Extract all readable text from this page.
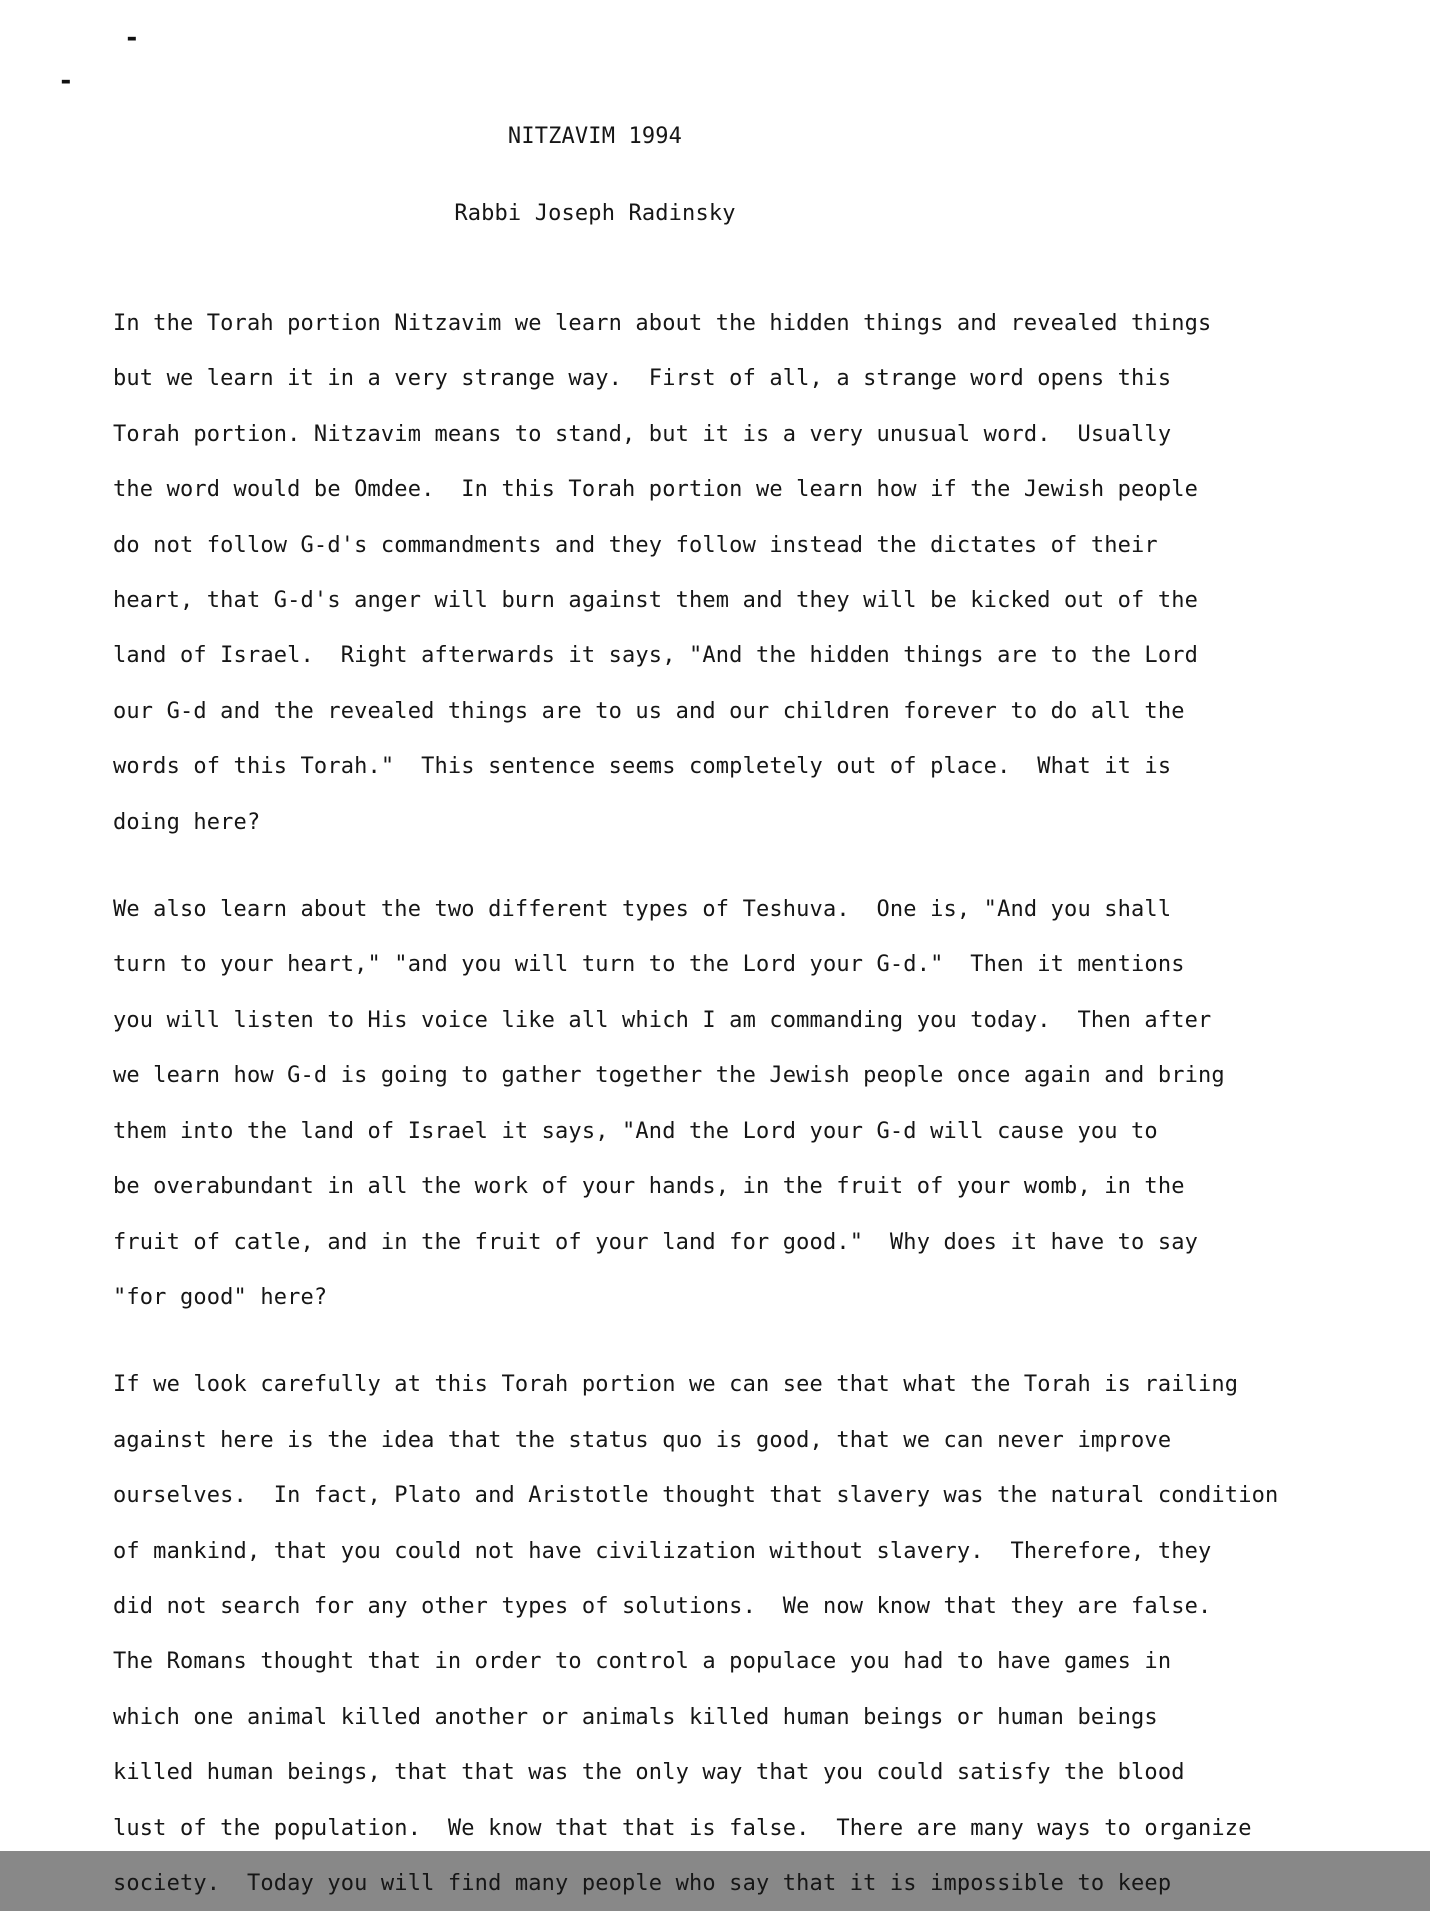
-
-

NITZAVIM 1994

Rabbi Joseph Radinsky

In the Torah portion Nitzavim we learn about the hidden things and revealed things
but we learn it in a very strange way.  First of all, a strange word opens this
Torah portion. Nitzavim means to stand, but it is a very unusual word.  Usually
the word would be Omdee.  In this Torah portion we learn how if the Jewish people
do not follow G-d's commandments and they follow instead the dictates of their
heart, that G-d's anger will burn against them and they will be kicked out of the
land of Israel.  Right afterwards it says, "And the hidden things are to the Lord
our G-d and the revealed things are to us and our children forever to do all the
words of this Torah."  This sentence seems completely out of place.  What it is
doing here?
We also learn about the two different types of Teshuva.  One is, "And you shall
turn to your heart," "and you will turn to the Lord your G-d."  Then it mentions
you will listen to His voice like all which I am commanding you today.  Then after
we learn how G-d is going to gather together the Jewish people once again and bring
them into the land of Israel it says, "And the Lord your G-d will cause you to
be overabundant in all the work of your hands, in the fruit of your womb, in the
fruit of catle, and in the fruit of your land for good."  Why does it have to say
"for good" here?
If we look carefully at this Torah portion we can see that what the Torah is railing
against here is the idea that the status quo is good, that we can never improve
ourselves.  In fact, Plato and Aristotle thought that slavery was the natural condition
of mankind, that you could not have civilization without slavery.  Therefore, they
did not search for any other types of solutions.  We now know that they are false.
The Romans thought that in order to control a populace you had to have games in
which one animal killed another or animals killed human beings or human beings
killed human beings, that that was the only way that you could satisfy the blood
lust of the population.  We know that that is false.  There are many ways to organize
society.  Today you will find many people who say that it is impossible to keep
